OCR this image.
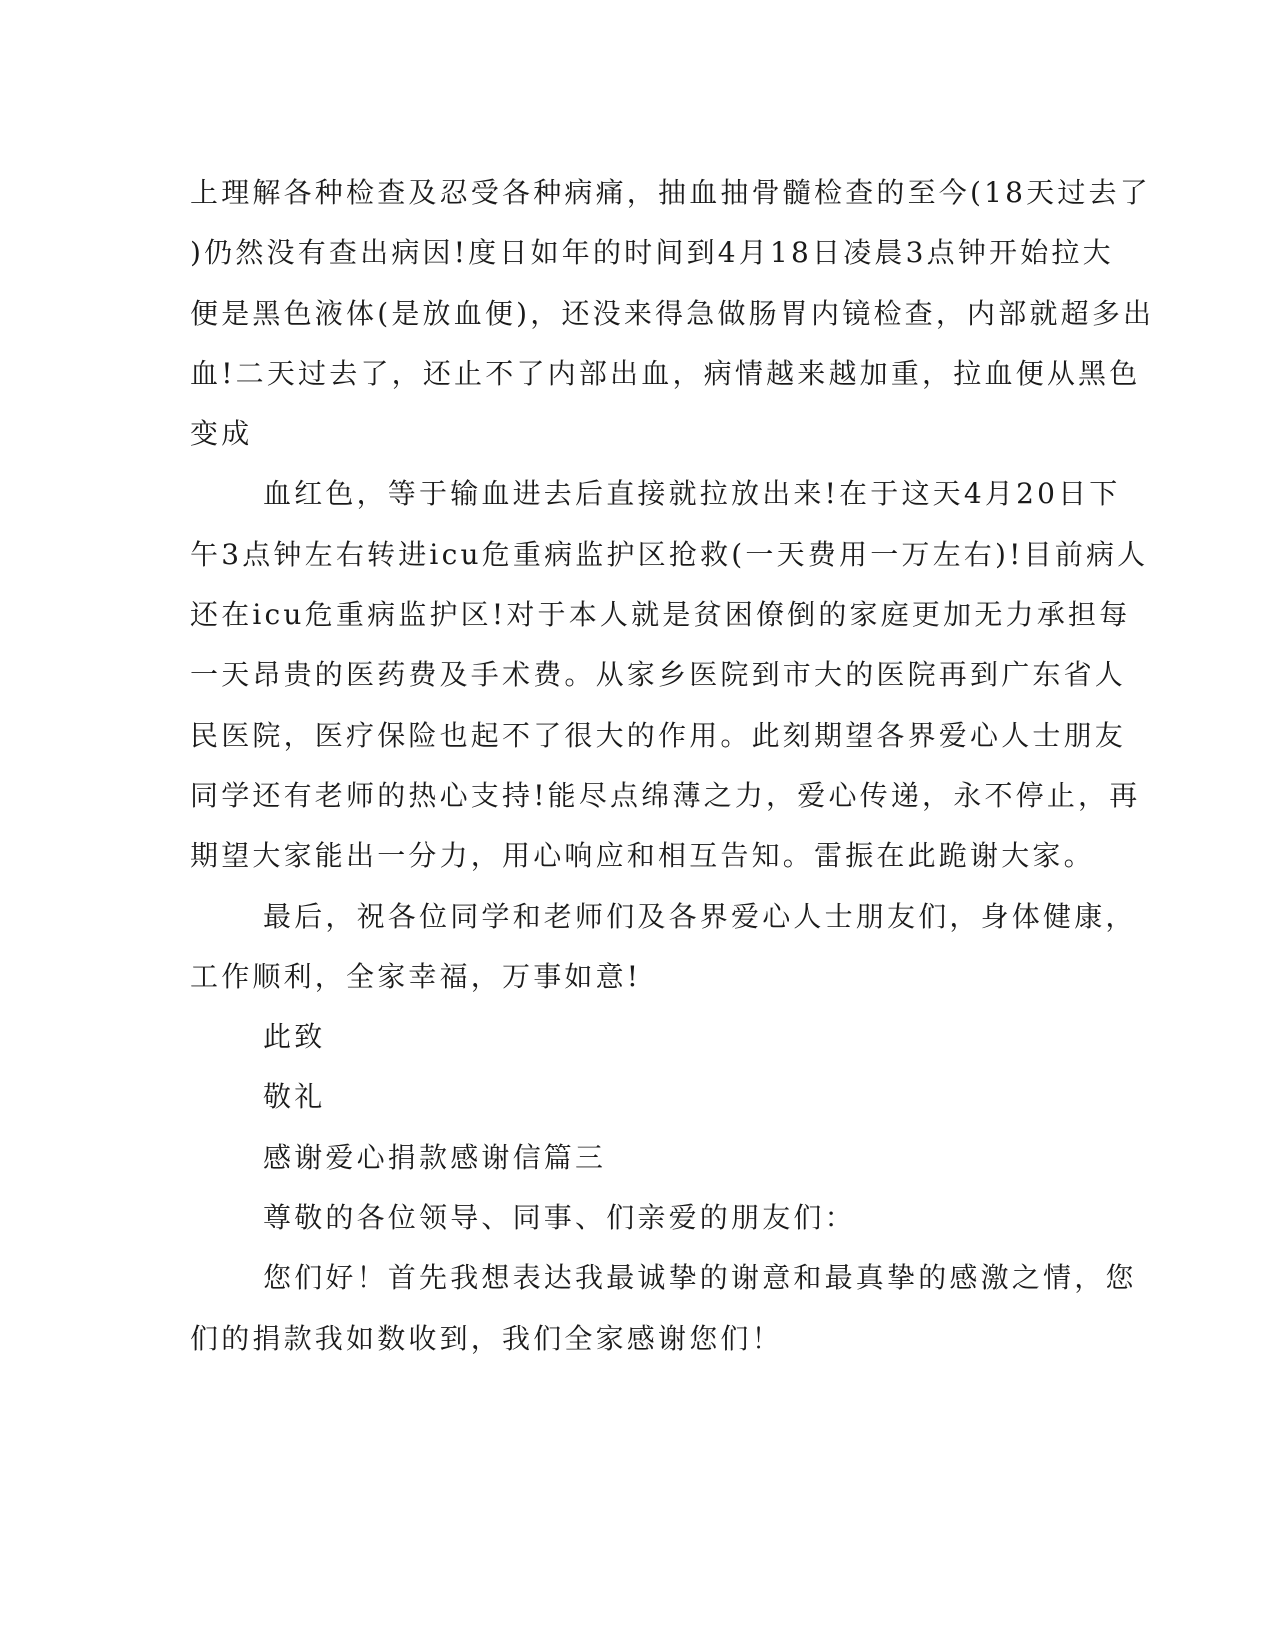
上理解各种检查及忍受各种病痛，抽血抽骨髓检查的至今(18天过去了
)仍然没有查出病因!度日如年的时间到4月18日凌晨3点钟开始拉大
便是黑色液体(是放血便)，还没来得急做肠胃内镜检查，内部就超多出
血!二天过去了，还止不了内部出血，病情越来越加重，拉血便从黑色
变成
血红色，等于输血进去后直接就拉放出来!在于这天4月20日下
午3点钟左右转进icu危重病监护区抢救(一天费用一万左右)!目前病人
还在icu危重病监护区!对于本人就是贫困僚倒的家庭更加无力承担每
一天昂贵的医药费及手术费。从家乡医院到市大的医院再到广东省人
民医院，医疗保险也起不了很大的作用。此刻期望各界爱心人士朋友
同学还有老师的热心支持!能尽点绵薄之力，爱心传递，永不停止，再
期望大家能出一分力，用心响应和相互告知。雷振在此跪谢大家。
最后，祝各位同学和老师们及各界爱心人士朋友们，身体健康，
工作顺利，全家幸福，万事如意!
此致
敬礼
感谢爱心捐款感谢信篇三
尊敬的各位领导、同事、们亲爱的朋友们：
您们好！首先我想表达我最诚挚的谢意和最真挚的感激之情，您
们的捐款我如数收到，我们全家感谢您们！
